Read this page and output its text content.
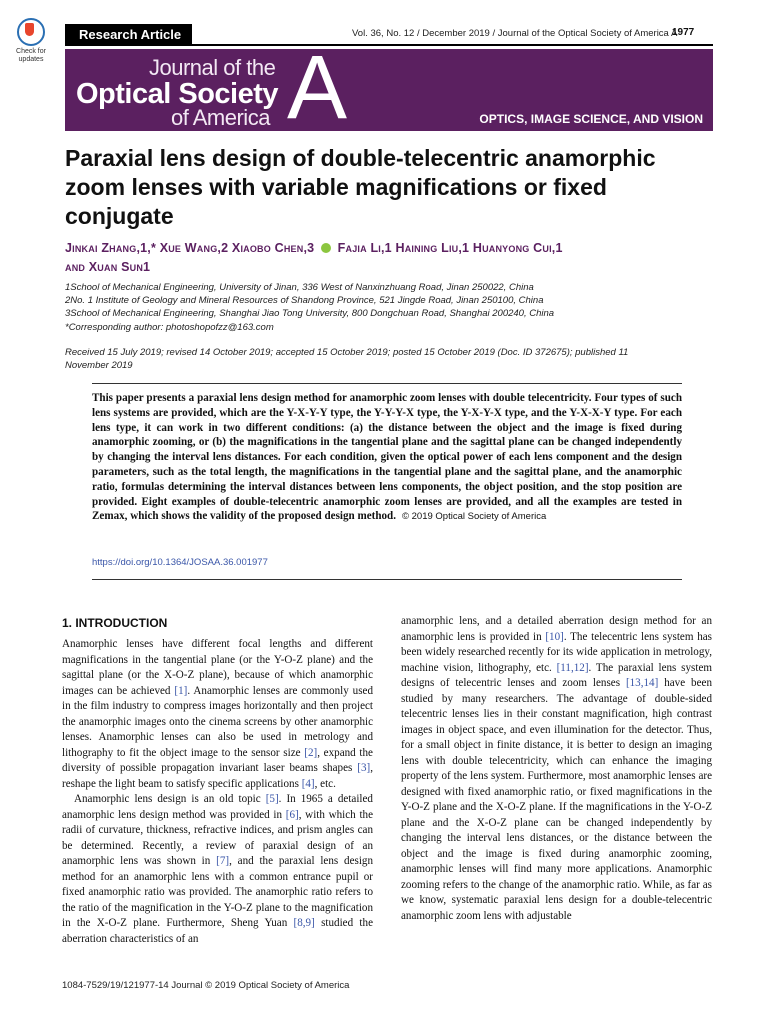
Check for updates
Research Article	Vol. 36, No. 12 / December 2019 / Journal of the Optical Society of America A
1977
Journal of the
Optical Society
of America A	OPTICS, IMAGE SCIENCE, AND VISION
Paraxial lens design of double-telecentric anamorphic zoom lenses with variable magnifications or fixed conjugate
Jinkai Zhang,1,* Xue Wang,2 Xiaobo Chen,3 Fajia Li,1 Haining Liu,1 Huanyong Cui,1
and Xuan Sun1
1School of Mechanical Engineering, University of Jinan, 336 West of Nanxinzhuang Road, Jinan 250022, China
2No. 1 Institute of Geology and Mineral Resources of Shandong Province, 521 Jingde Road, Jinan 250100, China
3School of Mechanical Engineering, Shanghai Jiao Tong University, 800 Dongchuan Road, Shanghai 200240, China
*Corresponding author: photoshopofzz@163.com
Received 15 July 2019; revised 14 October 2019; accepted 15 October 2019; posted 15 October 2019 (Doc. ID 372675); published 11 November 2019

This paper presents a paraxial lens design method for anamorphic zoom lenses with double telecentricity. Four types of such lens systems are provided, which are the Y-X-Y-Y type, the Y-Y-Y-X type, the Y-X-Y-X type, and the Y-X-X-Y type. For each lens type, it can work in two different conditions: (a) the distance between the object and the image is fixed during anamorphic zooming, or (b) the magnifications in the tangential plane and the sagittal plane can be changed independently by changing the interval lens distances. For each condition, given the optical power of each lens component and the design parameters, such as the total length, the magnifications in the tangential plane and the sagittal plane, and the anamorphic ratio, formulas determining the interval distances between lens components, the object position, and the stop position are provided. Eight examples of double-telecentric anamorphic zoom lenses are provided, and all the examples are tested in Zemax, which shows the validity of the proposed design method. © 2019 Optical Society of America

https://doi.org/10.1364/JOSAA.36.001977
1. INTRODUCTION

Anamorphic lenses have different focal lengths and different magnifications in the tangential plane (or the Y-O-Z plane) and the sagittal plane (or the X-O-Z plane), because of which anamorphic images can be achieved [1]. Anamorphic lenses are commonly used in the film industry to compress images horizontally and then project the anamorphic images onto the cinema screens by other anamorphic lenses. Anamorphic lenses can also be used in metrology and lithography to fit the object image to the sensor size [2], expand the diversity of possible propagation invariant laser beams shapes [3], reshape the light beam to satisfy specific applications [4], etc.

Anamorphic lens design is an old topic [5]. In 1965 a detailed anamorphic lens design method was provided in [6], with which the radii of curvature, thickness, refractive indices, and prism angles can be determined. Recently, a review of paraxial design of an anamorphic lens was shown in [7], and the paraxial lens design method for an anamorphic lens with a common entrance pupil or fixed anamorphic ratio was provided. The anamorphic ratio refers to the ratio of the magnification in the Y-O-Z plane to the magnification in the X-O-Z plane. Furthermore, Sheng Yuan [8,9] studied the aberration characteristics of an

anamorphic lens, and a detailed aberration design method for an anamorphic lens is provided in [10]. The telecentric lens system has been widely researched recently for its wide application in metrology, machine vision, lithography, etc. [11,12]. The paraxial lens system designs of telecentric lenses and zoom lenses [13,14] have been studied by many researchers. The advantage of double-sided telecentric lenses lies in their constant magnification, high contrast images in object space, and even illumination for the detector. Thus, for a small object in finite distance, it is better to design an imaging lens with double telecentricity, which can enhance the imaging property of the lens system. Furthermore, most anamorphic lenses are designed with fixed anamorphic ratio, or fixed magnifications in the Y-O-Z plane and the X-O-Z plane. If the magnifications in the Y-O-Z plane and the X-O-Z plane can be changed independently by changing the interval lens distances, or the distance between the object and the image is fixed during anamorphic zooming, anamorphic lenses will find many more applications. Anamorphic zooming refers to the change of the anamorphic ratio. While, as far as we know, systematic paraxial lens design for a double-telecentric anamorphic zoom lens with adjustable

1084-7529/19/121977-14 Journal © 2019 Optical Society of America
